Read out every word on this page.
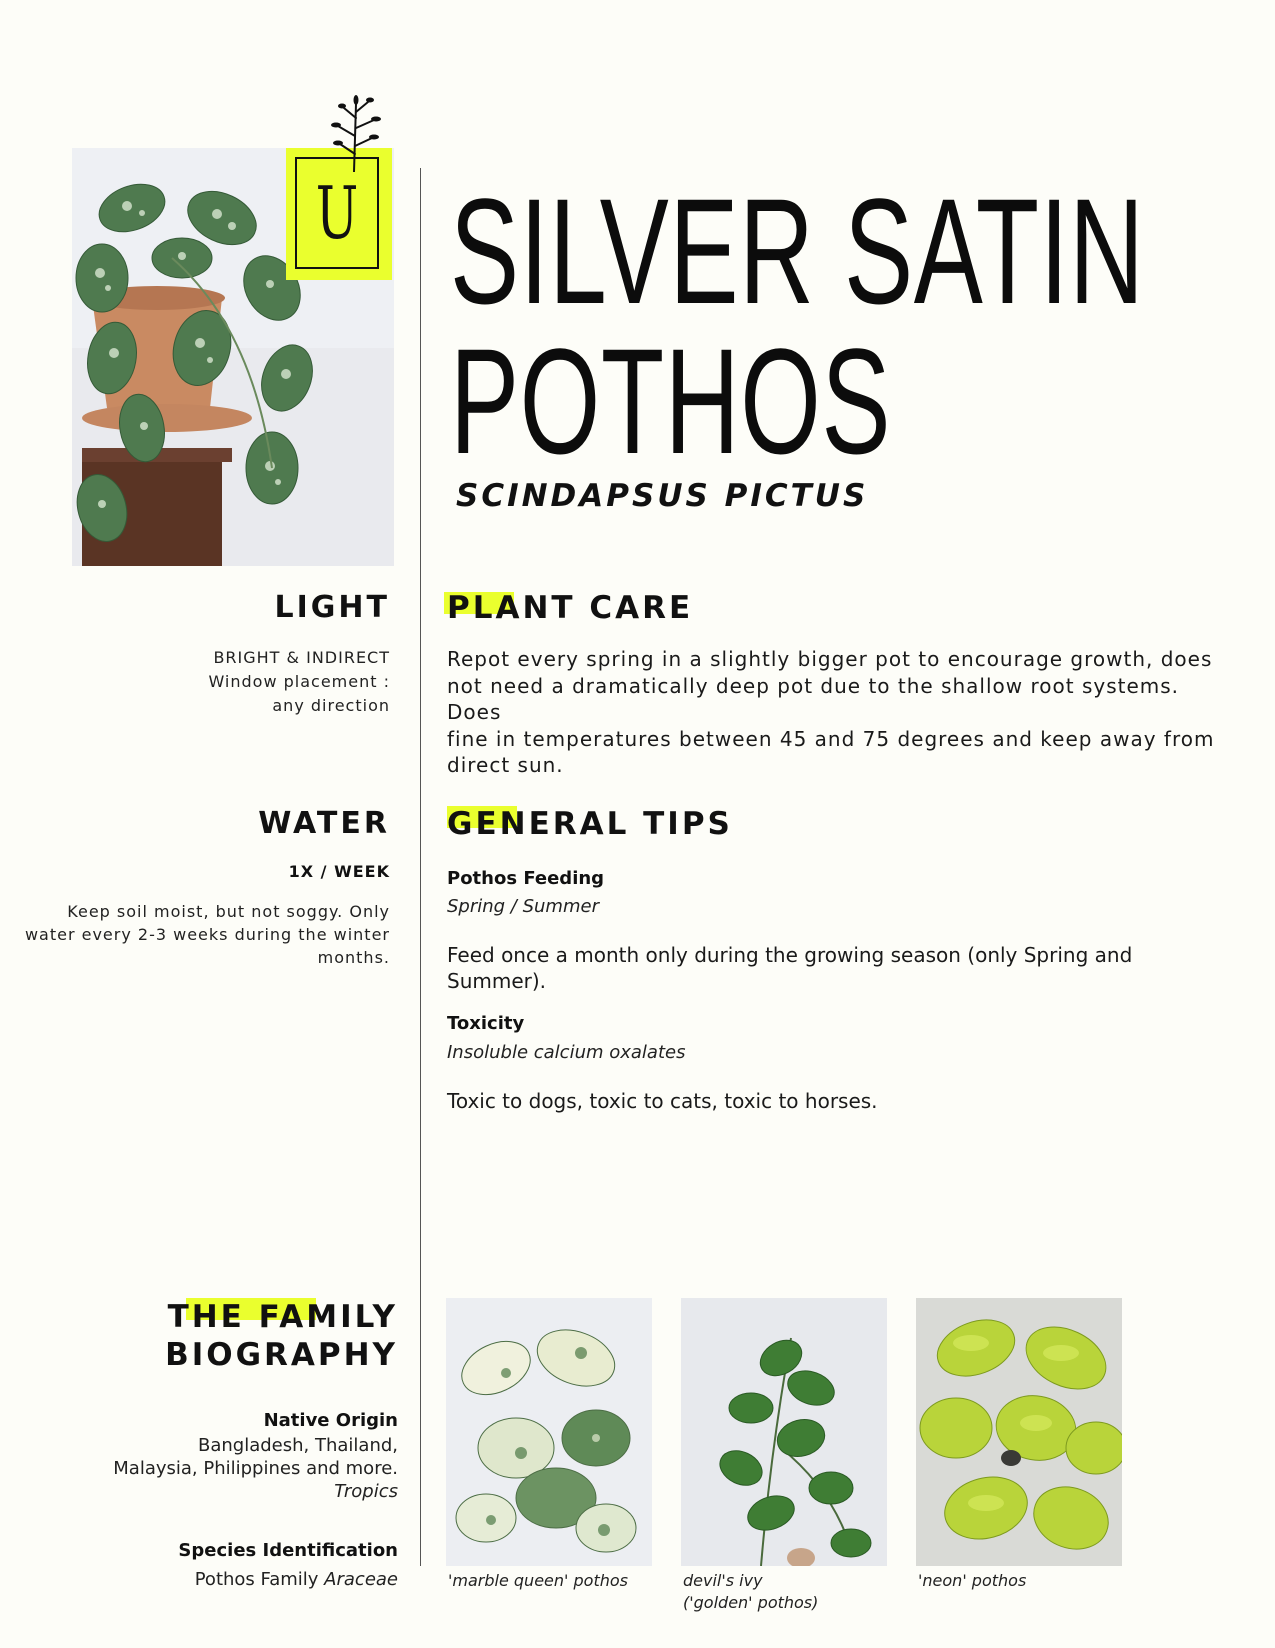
U SILVER SATIN
POTHOS
SCINDAPSUS PICTUS
LIGHT
BRIGHT & INDIRECT
Window placement :
any direction
WATER
1X / WEEK
Keep soil moist, but not soggy. Only
water every 2-3 weeks during the winter
months.
PLANT CARE
Repot every spring in a slightly bigger pot to encourage growth, does
not need a dramatically deep pot due to the shallow root systems. Does
fine in temperatures between 45 and 75 degrees and keep away from
direct sun.
GENERAL TIPS
Pothos Feeding
Spring / Summer
Feed once a month only during the growing season (only Spring and
Summer).
Toxicity
Insoluble calcium oxalates
Toxic to dogs, toxic to cats, toxic to horses.
THE FAMILY
BIOGRAPHY
Native Origin
Bangladesh, Thailand,
Malaysia, Philippines and more.
Tropics
Species Identification
Pothos Family Araceae	'marble queen' pothos	devil's ivy
('golden' pothos)
'neon' pothos
